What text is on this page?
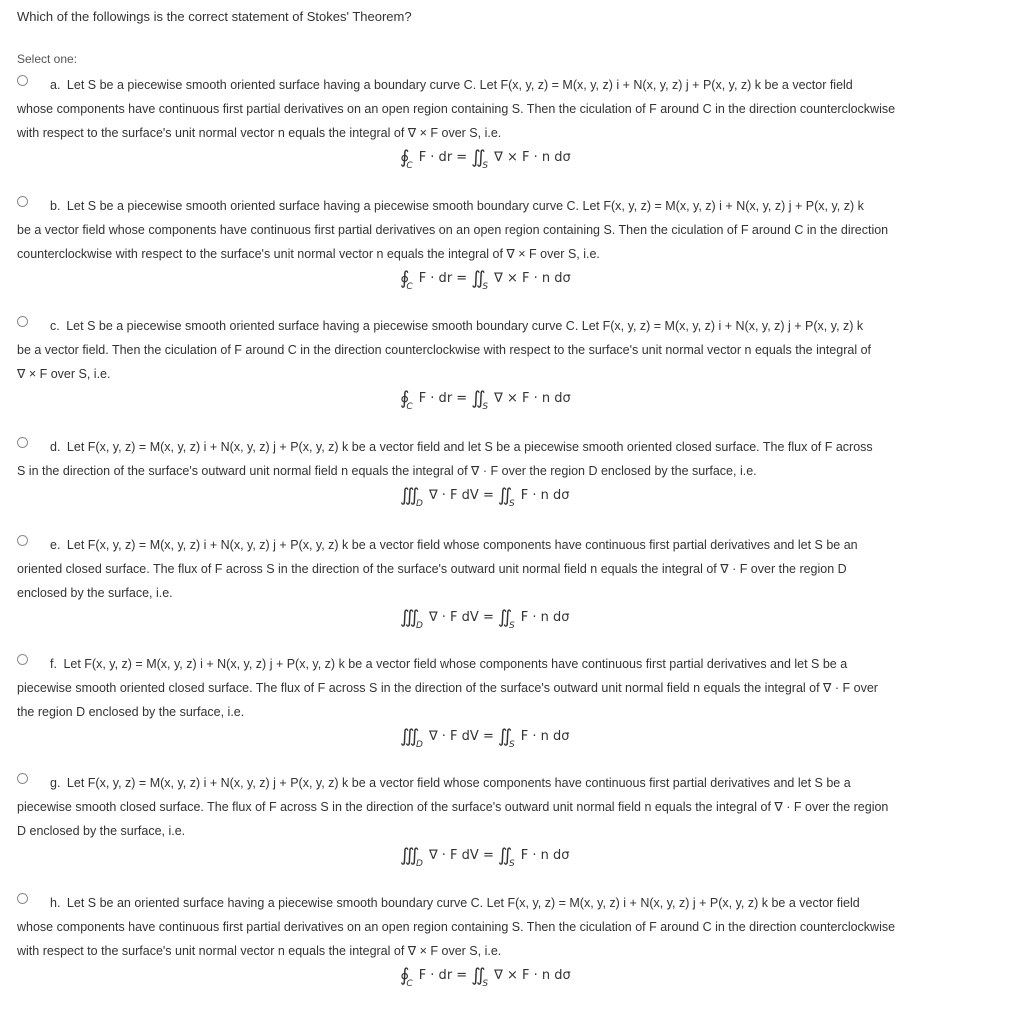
Which of the followings is the correct statement of Stokes' Theorem?
Select one:
a. Let S be a piecewise smooth oriented surface having a boundary curve C. Let F(x, y, z) = M(x, y, z) i + N(x, y, z) j + P(x, y, z) k be a vector field
whose components have continuous first partial derivatives on an open region containing S. Then the ciculation of F around C in the direction counterclockwise
with respect to the surface's unit normal vector n equals the integral of ∇ × F over S, i.e.
b. Let S be a piecewise smooth oriented surface having a piecewise smooth boundary curve C. Let F(x, y, z) = M(x, y, z) i + N(x, y, z) j + P(x, y, z) k
be a vector field whose components have continuous first partial derivatives on an open region containing S. Then the ciculation of F around C in the direction
counterclockwise with respect to the surface's unit normal vector n equals the integral of ∇ × F over S, i.e.
c. Let S be a piecewise smooth oriented surface having a piecewise smooth boundary curve C. Let F(x, y, z) = M(x, y, z) i + N(x, y, z) j + P(x, y, z) k
be a vector field. Then the ciculation of F around C in the direction counterclockwise with respect to the surface's unit normal vector n equals the integral of
∇ × F over S, i.e.
d. Let F(x, y, z) = M(x, y, z) i + N(x, y, z) j + P(x, y, z) k be a vector field and let S be a piecewise smooth oriented closed surface. The flux of F across
S in the direction of the surface's outward unit normal field n equals the integral of ∇ · F over the region D enclosed by the surface, i.e.
e. Let F(x, y, z) = M(x, y, z) i + N(x, y, z) j + P(x, y, z) k be a vector field whose components have continuous first partial derivatives and let S be an
oriented closed surface. The flux of F across S in the direction of the surface's outward unit normal field n equals the integral of ∇ · F over the region D
enclosed by the surface, i.e.
f. Let F(x, y, z) = M(x, y, z) i + N(x, y, z) j + P(x, y, z) k be a vector field whose components have continuous first partial derivatives and let S be a
piecewise smooth oriented closed surface. The flux of F across S in the direction of the surface's outward unit normal field n equals the integral of ∇ · F over
the region D enclosed by the surface, i.e.
g. Let F(x, y, z) = M(x, y, z) i + N(x, y, z) j + P(x, y, z) k be a vector field whose components have continuous first partial derivatives and let S be a
piecewise smooth closed surface. The flux of F across S in the direction of the surface's outward unit normal field n equals the integral of ∇ · F over the region
D enclosed by the surface, i.e.
h. Let S be an oriented surface having a piecewise smooth boundary curve C. Let F(x, y, z) = M(x, y, z) i + N(x, y, z) j + P(x, y, z) k be a vector field
whose components have continuous first partial derivatives on an open region containing S. Then the ciculation of F around C in the direction counterclockwise
with respect to the surface's unit normal vector n equals the integral of ∇ × F over S, i.e.
$∮_CF$ · dr = $∬_S\nabla \times F \cdot n$ dσ
$∮_CF$ · dr = $∬_S\nabla \times F \cdot n$ dσ
$∮_CF$ · dr = $∬_S\nabla \times F \cdot n$ dσ
$∭_D\nabla \cdot F$ dV = $∬_SF \cdot n$ dσ
$∭_D\nabla \cdot F$ dV = $∬_SF \cdot n$ dσ
$∭_D\nabla \cdot F$ dV = $∬_SF \cdot n$ dσ
$∭_D\nabla \cdot F$ dV = $∬_SF \cdot n$ dσ
$∮_CF$ · dr = $∬_S\nabla \times F \cdot n$ dσ
